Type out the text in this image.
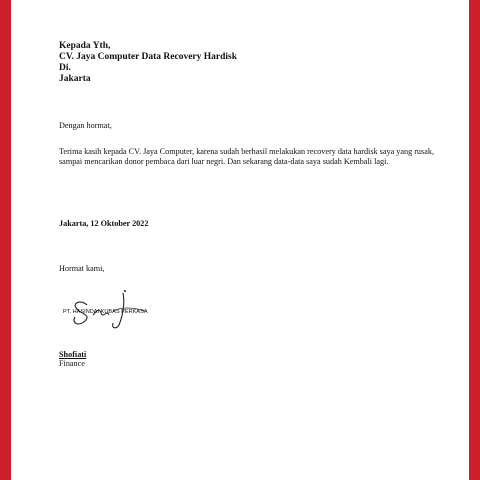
Kepada Yth,

CV. Jaya Computer Data Recovery Hardisk

Di.

Jakarta

Dengan hormat,

Terima kasih kepada CV. Jaya Computer, karena sudah berhasil melakukan recovery data hardisk saya yang rusak, sampai mencarikan donor pembaca dari luar negri. Dan sekarang data-data saya sudah Kembali lagi.

Jakarta, 12 Oktober 2022

Hormat kami,

PT. HASINDAI KUBAS PERKASA

Shofiati

Finance
